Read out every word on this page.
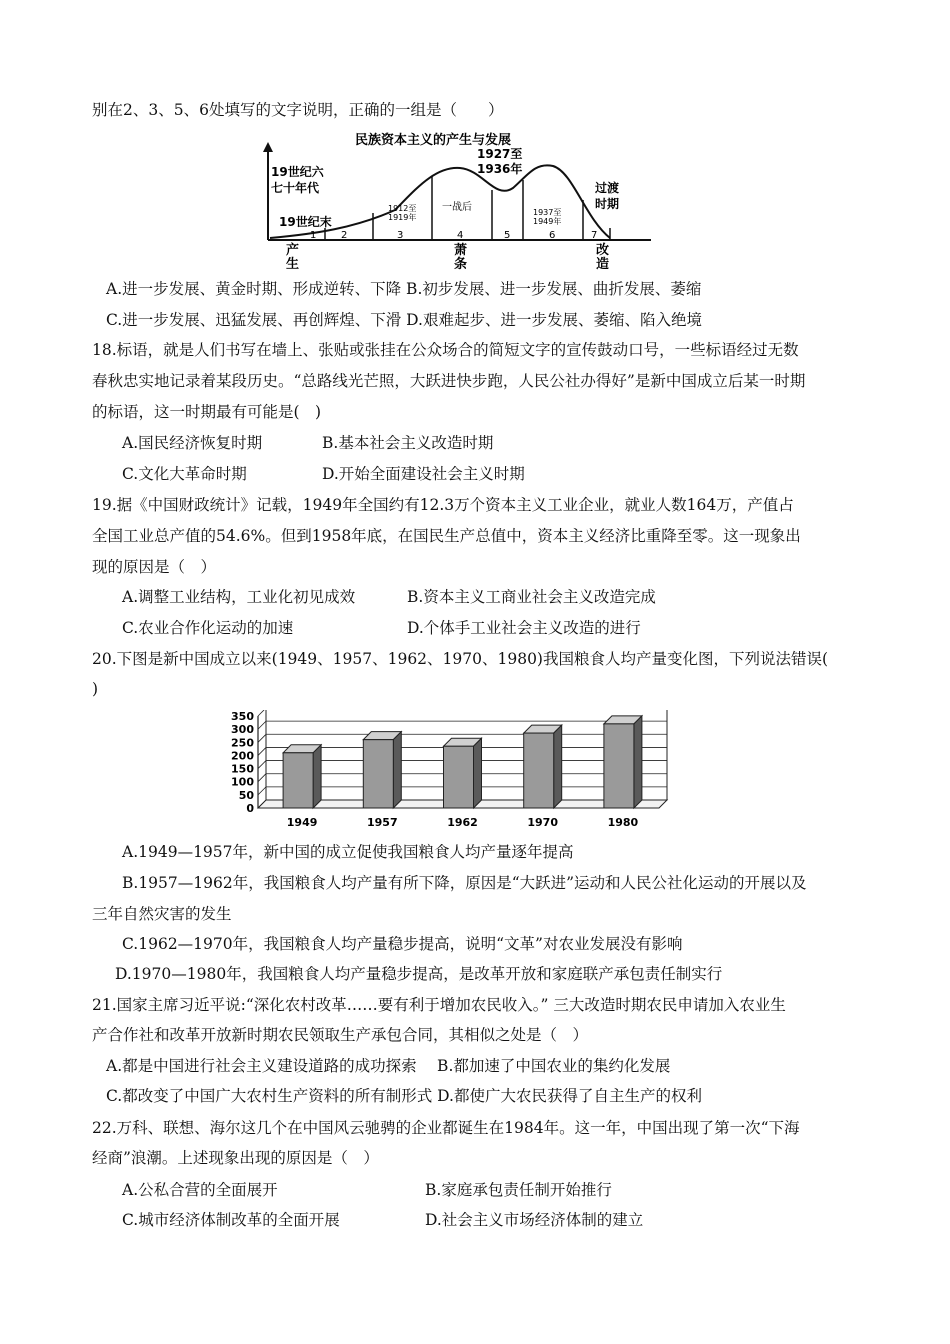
别在2、3、5、6处填写的文字说明，正确的一组是（　　）
民族资本主义的产生与发展
19世纪六
七十年代
19世纪末
1912至
1919年
一战后
1927至
1936年
1937至
1949年
过渡
时期
1 2	3	4	5	6	7
产
生
萧
条
改
造
A.进一步发展、黄金时期、形成逆转、下降 B.初步发展、进一步发展、曲折发展、萎缩
C.进一步发展、迅猛发展、再创辉煌、下滑 D.艰难起步、进一步发展、萎缩、陷入绝境
18.标语，就是人们书写在墙上、张贴或张挂在公众场合的简短文字的宣传鼓动口号，一些标语经过无数
春秋忠实地记录着某段历史。“总路线光芒照，大跃进快步跑，人民公社办得好”是新中国成立后某一时期
的标语，这一时期最有可能是(　)
A.国民经济恢复时期	B.基本社会主义改造时期
C.文化大革命时期	D.开始全面建设社会主义时期
19.据《中国财政统计》记载，1949年全国约有12.3万个资本主义工业企业，就业人数164万，产值占
全国工业总产值的54.6%。但到1958年底，在国民生产总值中，资本主义经济比重降至零。这一现象出
现的原因是（　）
A.调整工业结构，工业化初见成效	B.资本主义工商业社会主义改造完成
C.农业合作化运动的加速	D.个体手工业社会主义改造的进行
20.下图是新中国成立以来(1949、1957、1962、1970、1980)我国粮食人均产量变化图，下列说法错误(
)
0
50
100
150
200
250
300
350
1949	1957	1962	1970	1980
A.1949—1957年，新中国的成立促使我国粮食人均产量逐年提高
B.1957—1962年，我国粮食人均产量有所下降，原因是“大跃进”运动和人民公社化运动的开展以及
三年自然灾害的发生
C.1962—1970年，我国粮食人均产量稳步提高，说明“文革”对农业发展没有影响
D.1970—1980年，我国粮食人均产量稳步提高，是改革开放和家庭联产承包责任制实行
21.国家主席习近平说:“深化农村改革……要有利于增加农民收入。” 三大改造时期农民申请加入农业生
产合作社和改革开放新时期农民领取生产承包合同，其相似之处是（　）
A.都是中国进行社会主义建设道路的成功探索　 B.都加速了中国农业的集约化发展
C.都改变了中国广大农村生产资料的所有制形式 D.都使广大农民获得了自主生产的权利
22.万科、联想、海尔这几个在中国风云驰骋的企业都诞生在1984年。这一年，中国出现了第一次“下海
经商”浪潮。上述现象出现的原因是（　）
A.公私合营的全面展开	B.家庭承包责任制开始推行
C.城市经济体制改革的全面开展	D.社会主义市场经济体制的建立
